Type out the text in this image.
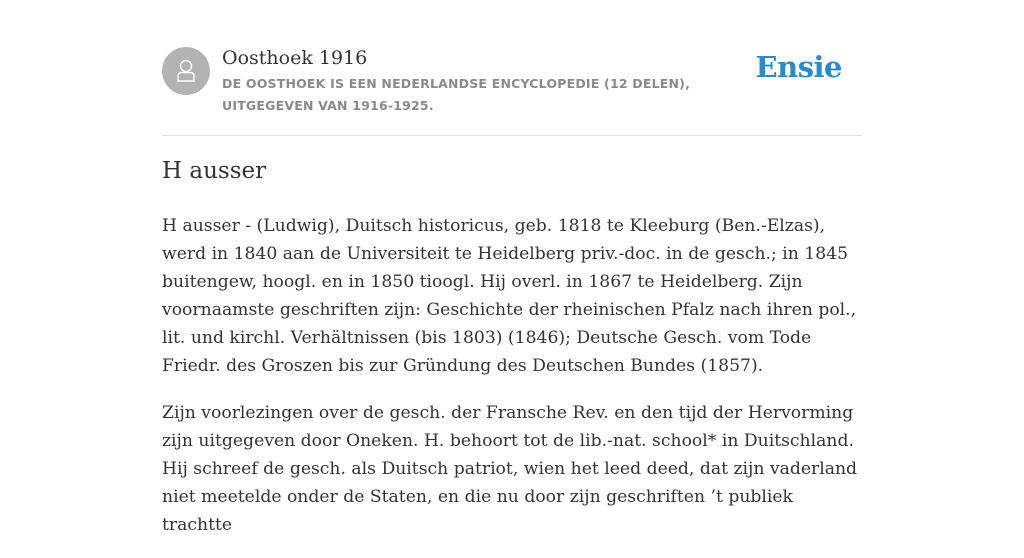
Oosthoek 1916
DE OOSTHOEK IS EEN NEDERLANDSE ENCYCLOPEDIE (12 DELEN), UITGEGEVEN VAN 1916-1925.
Ensie
H ausser

H ausser - (Ludwig), Duitsch historicus, geb. 1818 te Kleeburg (Ben.-Elzas), werd in 1840 aan de Universiteit te Heidelberg priv.-doc. in de gesch.; in 1845 buitengew, hoogl. en in 1850 tioogl. Hij overl. in 1867 te Heidelberg. Zijn voornaamste geschriften zijn: Geschichte der rheinischen Pfalz nach ihren pol., lit. und kirchl. Verhältnissen (bis 1803) (1846); Deutsche Gesch. vom Tode Friedr. des Groszen bis zur Gründung des Deutschen Bundes (1857).

Zijn voorlezingen over de gesch. der Fransche Rev. en den tijd der Hervorming zijn uitgegeven door Oneken. H. behoort tot de lib.-nat. school* in Duitschland. Hij schreef de gesch. als Duitsch patriot, wien het leed deed, dat zijn vaderland niet meetelde onder de Staten, en die nu door zijn geschriften ’t publiek trachtte
